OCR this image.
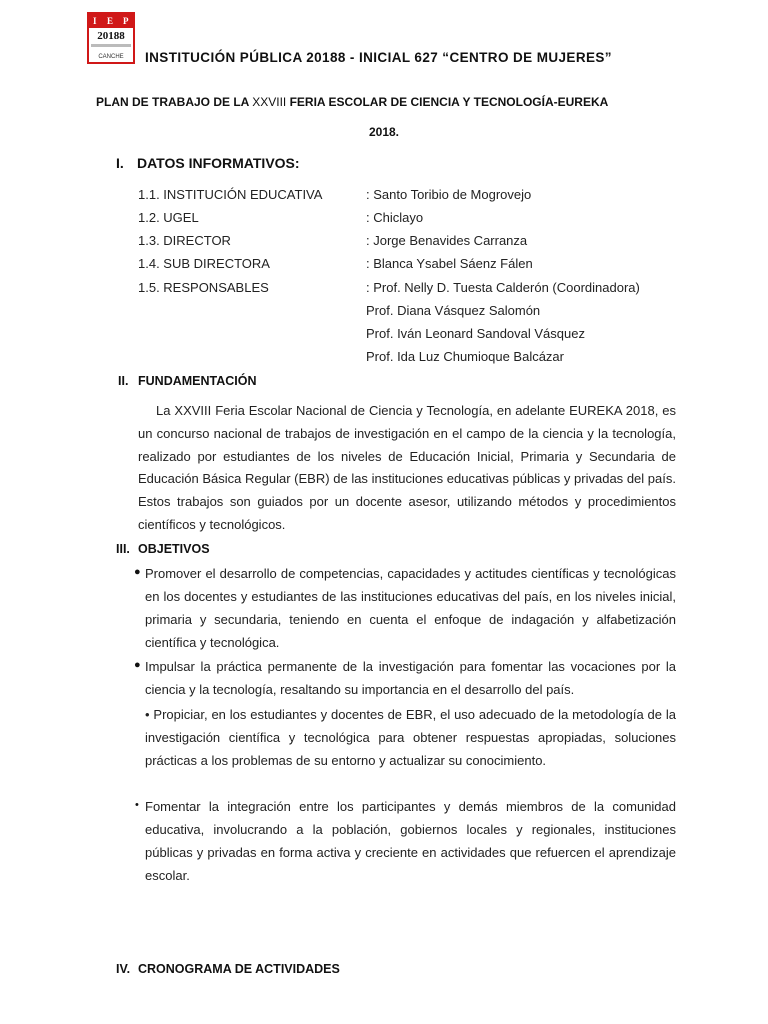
I E P
20188
CANCHE	INSTITUCIÓN PÚBLICA 20188 - INICIAL 627 “CENTRO DE MUJERES”
PLAN DE TRABAJO DE LA XXVIII FERIA ESCOLAR DE CIENCIA Y TECNOLOGÍA-EUREKA
2018.
I. DATOS INFORMATIVOS:
1.1. INSTITUCIÓN EDUCATIVA	: Santo Toribio de Mogrovejo
1.2. UGEL	: Chiclayo
1.3. DIRECTOR	: Jorge Benavides Carranza
1.4. SUB DIRECTORA	: Blanca Ysabel Sáenz Fálen
1.5. RESPONSABLES	: Prof. Nelly D. Tuesta Calderón (Coordinadora)
Prof. Diana Vásquez Salomón
Prof. Iván Leonard Sandoval Vásquez
Prof. Ida Luz Chumioque Balcázar
II. FUNDAMENTACIÓN
La XXVIII Feria Escolar Nacional de Ciencia y Tecnología, en adelante EUREKA 2018, es un concurso nacional de trabajos de investigación en el campo de la ciencia y la tecnología, realizado por estudiantes de los niveles de Educación Inicial, Primaria y Secundaria de Educación Básica Regular (EBR) de las instituciones educativas públicas y privadas del país. Estos trabajos son guiados por un docente asesor, utilizando métodos y procedimientos científicos y tecnológicos.
III. OBJETIVOS
● Promover el desarrollo de competencias, capacidades y actitudes científicas y tecnológicas en los docentes y estudiantes de las instituciones educativas del país, en los niveles inicial, primaria y secundaria, teniendo en cuenta el enfoque de indagación y alfabetización científica y tecnológica.
● Impulsar la práctica permanente de la investigación para fomentar las vocaciones por la ciencia y la tecnología, resaltando su importancia en el desarrollo del país.
• Propiciar, en los estudiantes y docentes de EBR, el uso adecuado de la metodología de la investigación científica y tecnológica para obtener respuestas apropiadas, soluciones prácticas a los problemas de su entorno y actualizar su conocimiento.
• Fomentar la integración entre los participantes y demás miembros de la comunidad educativa, involucrando a la población, gobiernos locales y regionales, instituciones públicas y privadas en forma activa y creciente en actividades que refuercen el aprendizaje escolar.
IV. CRONOGRAMA DE ACTIVIDADES
